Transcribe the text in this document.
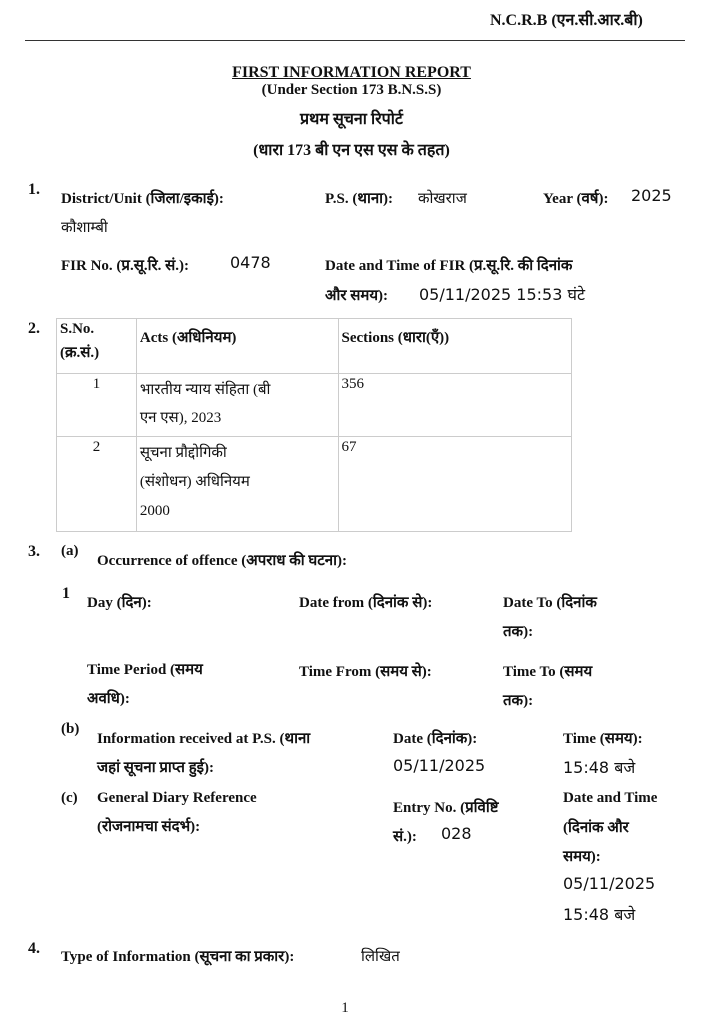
N.C.R.B (एन.सी.आर.बी)
FIRST INFORMATION REPORT
(Under Section 173 B.N.S.S)
प्रथम सूचना रिपोर्ट
(धारा 173 बी एन एस एस के तहत)
1.
District/Unit (जिला/इकाई):
कौशाम्बी
P.S. (थाना): कोखराज	Year (वर्ष): 2025
FIR No. (प्र.सू.रि. सं.):	0478	Date and Time of FIR (प्र.सू.रि. की दिनांक
और समय): 05/11/2025 15:53 घंटे
2. S.No.
(क्र.सं.)	Acts (अधिनियम)	Sections (धारा(एँ))
1	भारतीय न्याय संहिता (बी
एन एस), 2023	356
2	सूचना प्रौद्दोगिकी
(संशोधन) अधिनियम
2000	67
3. (a)
Occurrence of offence (अपराध की घटना):
1
Day (दिन):	Date from (दिनांक से):	Date To (दिनांक
तक):
Time Period (समय
अवधि):
Time From (समय से):	Time To (समय
तक):
(b)
Information received at P.S. (थाना
जहां सूचना प्राप्त हुई):
Date (दिनांक):
05/11/2025
Time (समय):
15:48 बजे
(c) General Diary Reference
(रोजनामचा संदर्भ):
Entry No. (प्रविष्टि
सं.): 028
Date and Time
(दिनांक और
समय):
05/11/2025
15:48 बजे
4. Type of Information (सूचना का प्रकार):	लिखित
1
